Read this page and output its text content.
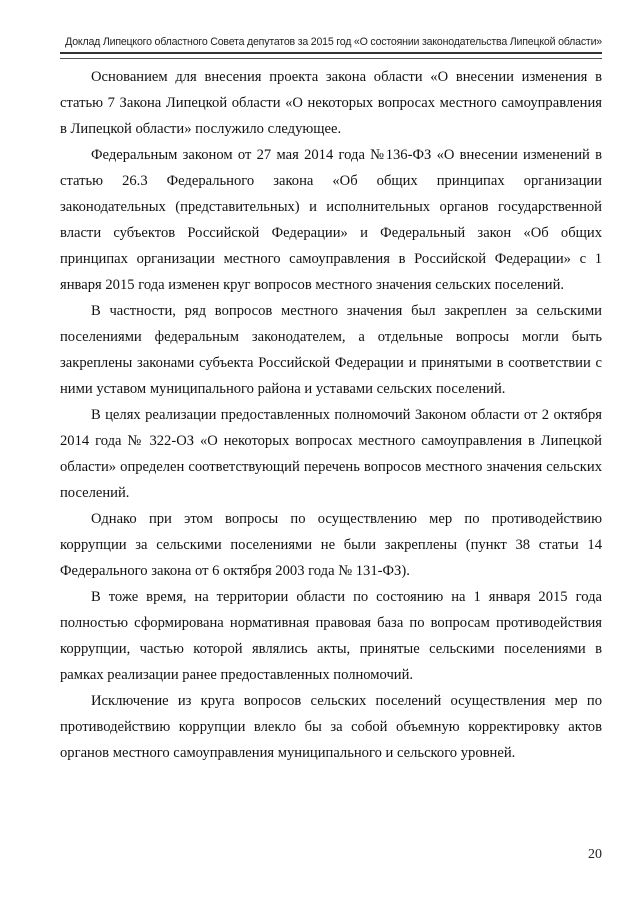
Доклад Липецкого областного Совета депутатов за 2015 год «О состоянии законодательства Липецкой области»

Основанием для внесения проекта закона области «О внесении изменения в статью 7 Закона Липецкой области «О некоторых вопросах местного самоуправления в Липецкой области» послужило следующее.

Федеральным законом от 27 мая 2014 года №136-ФЗ «О внесении изменений в статью 26.3 Федерального закона «Об общих принципах организации законодательных (представительных) и исполнительных органов государственной власти субъектов Российской Федерации» и Федеральный закон «Об общих принципах организации местного самоуправления в Российской Федерации» с 1 января 2015 года изменен круг вопросов местного значения сельских поселений.

В частности, ряд вопросов местного значения был закреплен за сельскими поселениями федеральным законодателем, а отдельные вопросы могли быть закреплены законами субъекта Российской Федерации и принятыми в соответствии с ними уставом муниципального района и уставами сельских поселений.

В целях реализации предоставленных полномочий Законом области от 2 октября 2014 года № 322-ОЗ «О некоторых вопросах местного самоуправления в Липецкой области» определен соответствующий перечень вопросов местного значения сельских поселений.

Однако при этом вопросы по осуществлению мер по противодействию коррупции за сельскими поселениями не были закреплены (пункт 38 статьи 14 Федерального закона от 6 октября 2003 года № 131-ФЗ).

В тоже время, на территории области по состоянию на 1 января 2015 года полностью сформирована нормативная правовая база по вопросам противодействия коррупции, частью которой являлись акты, принятые сельскими поселениями в рамках реализации ранее предоставленных полномочий.

Исключение из круга вопросов сельских поселений осуществления мер по противодействию коррупции влекло бы за собой объемную корректировку актов органов местного самоуправления муниципального и сельского уровней.

20
